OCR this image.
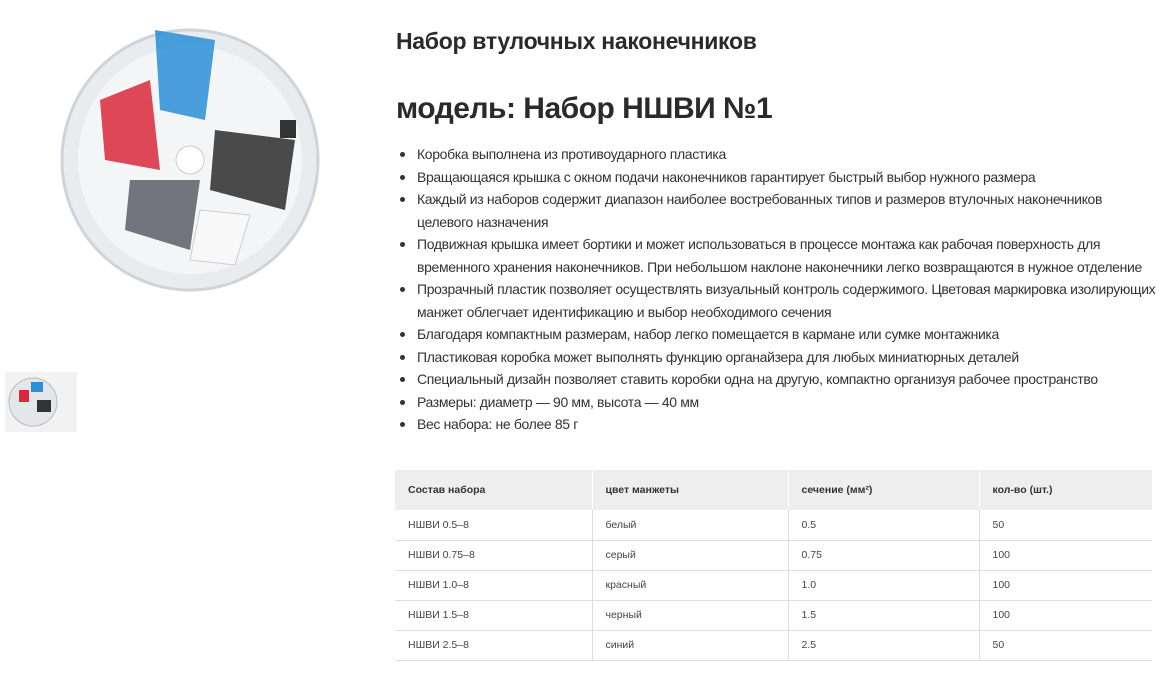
Набор втулочных наконечников
модель: Набор НШВИ №1
Коробка выполнена из противоударного пластика
Вращающаяся крышка с окном подачи наконечников гарантирует быстрый выбор нужного размера
Каждый из наборов содержит диапазон наиболее востребованных типов и размеров втулочных наконечников целевого назначения
Подвижная крышка имеет бортики и может использоваться в процессе монтажа как рабочая поверхность для временного хранения наконечников. При небольшом наклоне наконечники легко возвращаются в нужное отделение
Прозрачный пластик позволяет осуществлять визуальный контроль содержимого. Цветовая маркировка изолирующих манжет облегчает идентификацию и выбор необходимого сечения
Благодаря компактным размерам, набор легко помещается в кармане или сумке монтажника
Пластиковая коробка может выполнять функцию органайзера для любых миниатюрных деталей
Специальный дизайн позволяет ставить коробки одна на другую, компактно организуя рабочее пространство
Размеры: диаметр — 90 мм, высота — 40 мм
Вес набора: не более 85 г
Состав набора	цвет манжеты	сечение (мм²)	кол-во (шт.)
НШВИ 0.5–8	белый	0.5	50
НШВИ 0.75–8	серый	0.75	100
НШВИ 1.0–8	красный	1.0	100
НШВИ 1.5–8	черный	1.5	100
НШВИ 2.5–8	синий	2.5	50
